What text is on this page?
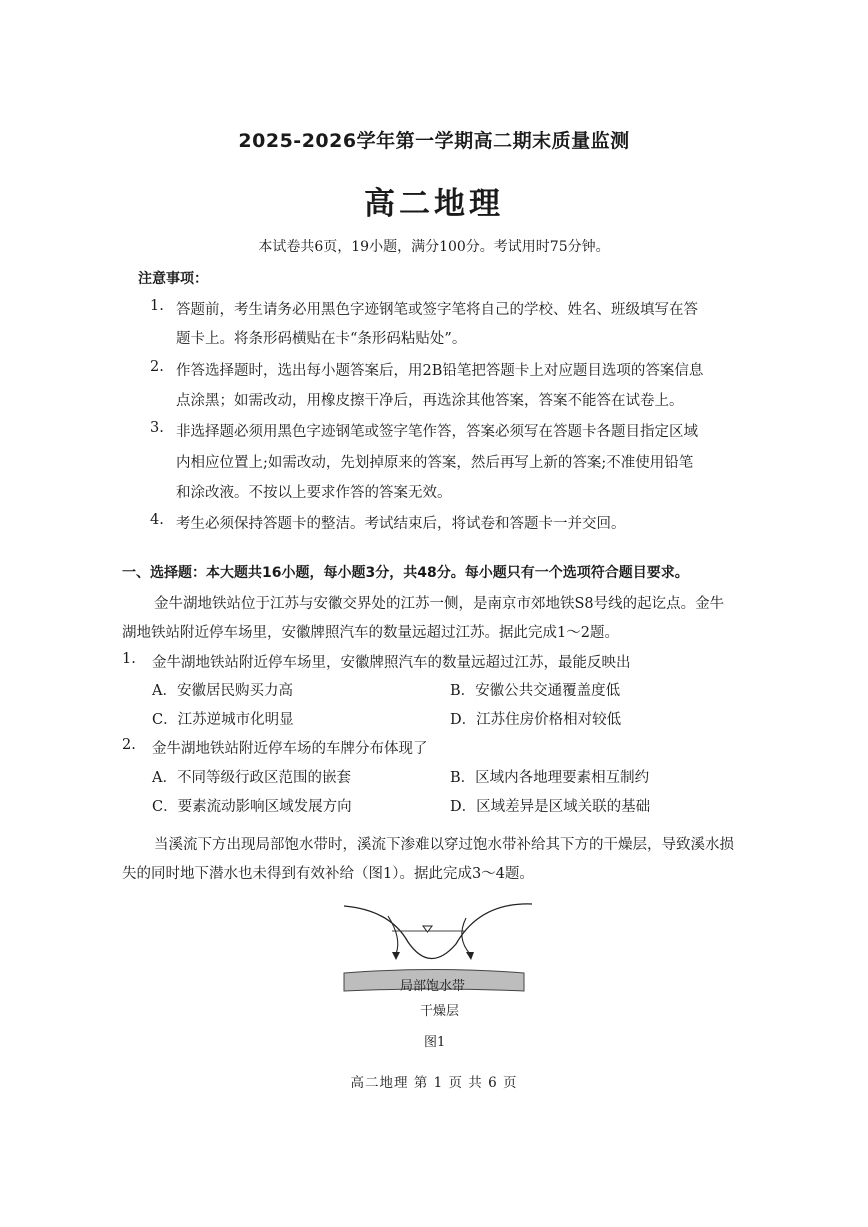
2025-2026学年第一学期高二期末质量监测
高二地理
本试卷共6页，19小题，满分100分。考试用时75分钟。
注意事项：
1. 答题前，考生请务必用黑色字迹钢笔或签字笔将自己的学校、姓名、班级填写在答
题卡上。将条形码横贴在卡“条形码粘贴处”。
2. 作答选择题时，选出每小题答案后，用2B铅笔把答题卡上对应题目选项的答案信息
点涂黑；如需改动，用橡皮擦干净后，再选涂其他答案，答案不能答在试卷上。
3. 非选择题必须用黑色字迹钢笔或签字笔作答，答案必须写在答题卡各题目指定区域
内相应位置上;如需改动，先划掉原来的答案，然后再写上新的答案;不准使用铅笔
和涂改液。不按以上要求作答的答案无效。
4. 考生必须保持答题卡的整洁。考试结束后，将试卷和答题卡一并交回。
一、选择题：本大题共16小题，每小题3分，共48分。每小题只有一个选项符合题目要求。
金牛湖地铁站位于江苏与安徽交界处的江苏一侧，是南京市郊地铁S8号线的起讫点。金牛
湖地铁站附近停车场里，安徽牌照汽车的数量远超过江苏。据此完成1～2题。
1. 金牛湖地铁站附近停车场里，安徽牌照汽车的数量远超过江苏，最能反映出
A．安徽居民购买力高	B．安徽公共交通覆盖度低
C．江苏逆城市化明显	D．江苏住房价格相对较低
2. 金牛湖地铁站附近停车场的车牌分布体现了
A．不同等级行政区范围的嵌套	B．区域内各地理要素相互制约
C．要素流动影响区域发展方向	D．区域差异是区域关联的基础
当溪流下方出现局部饱水带时，溪流下渗难以穿过饱水带补给其下方的干燥层，导致溪水损
失的同时地下潜水也未得到有效补给（图1）。据此完成3～4题。
局部饱水带
干燥层
图1
高二地理 第 1 页 共 6 页
